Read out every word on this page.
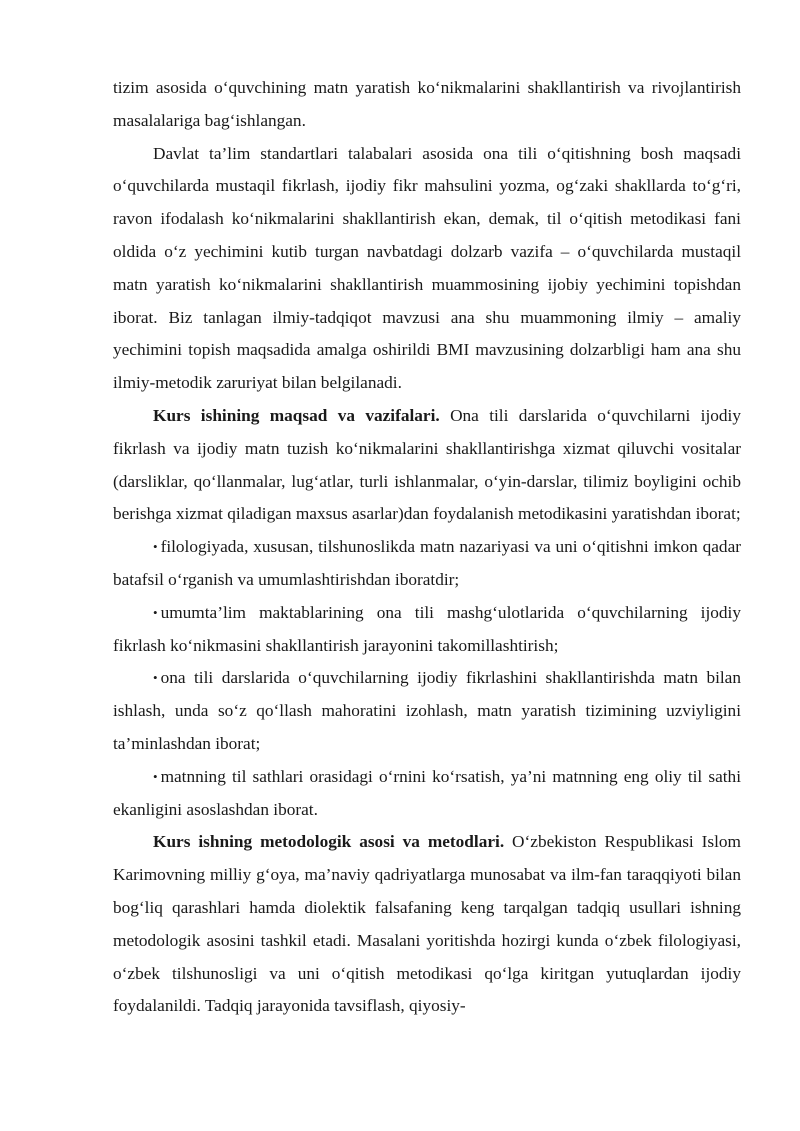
tizim asosida o‘quvchining matn yaratish ko‘nikmalarini shakllantirish va rivojlantirish masalalariga bag‘ishlangan.

Davlat ta’lim standartlari talabalari asosida ona tili o‘qitishning bosh maqsadi o‘quvchilarda mustaqil fikrlash, ijodiy fikr mahsulini yozma, og‘zaki shakllarda to‘g‘ri, ravon ifodalash ko‘nikmalarini shakllantirish ekan, demak, til o‘qitish metodikasi fani oldida o‘z yechimini kutib turgan navbatdagi dolzarb vazifa – o‘quvchilarda mustaqil matn yaratish ko‘nikmalarini shakllantirish muammosining ijobiy yechimini topishdan iborat. Biz tanlagan ilmiy-tadqiqot mavzusi ana shu muammoning ilmiy – amaliy yechimini topish maqsadida amalga oshirildi BMI mavzusining dolzarbligi ham ana shu ilmiy-metodik zaruriyat bilan belgilanadi.

Kurs ishining maqsad va vazifalari. Ona tili darslarida o‘quvchilarni ijodiy fikrlash va ijodiy matn tuzish ko‘nikmalarini shakllantirishga xizmat qiluvchi vositalar (darsliklar, qo‘llanmalar, lug‘atlar, turli ishlanmalar, o‘yin-darslar, tilimiz boyligini ochib berishga xizmat qiladigan maxsus asarlar)dan foydalanish metodikasini yaratishdan iborat;

• filologiyada, xususan, tilshunoslikda matn nazariyasi va uni o‘qitishni imkon qadar batafsil o‘rganish va umumlashtirishdan iboratdir;

• umumta’lim maktablarining ona tili mashg‘ulotlarida o‘quvchilarning ijodiy fikrlash ko‘nikmasini shakllantirish jarayonini takomillashtirish;

• ona tili darslarida o‘quvchilarning ijodiy fikrlashini shakllantirishda matn bilan ishlash, unda so‘z qo‘llash mahoratini izohlash, matn yaratish tizimining uzviyligini ta’minlashdan iborat;

• matnning til sathlari orasidagi o‘rnini ko‘rsatish, ya’ni matnning eng oliy til sathi ekanligini asoslashdan iborat.

Kurs ishning metodologik asosi va metodlari. O‘zbekiston Respublikasi Islom Karimovning milliy g‘oya, ma’naviy qadriyatlarga munosabat va ilm-fan taraqqiyoti bilan bog‘liq qarashlari hamda diolektik falsafaning keng tarqalgan tadqiq usullari ishning metodologik asosini tashkil etadi. Masalani yoritishda hozirgi kunda o‘zbek filologiyasi, o‘zbek tilshunosligi va uni o‘qitish metodikasi qo‘lga kiritgan yutuqlardan ijodiy foydalanildi. Tadqiq jarayonida tavsiflash, qiyosiy-
